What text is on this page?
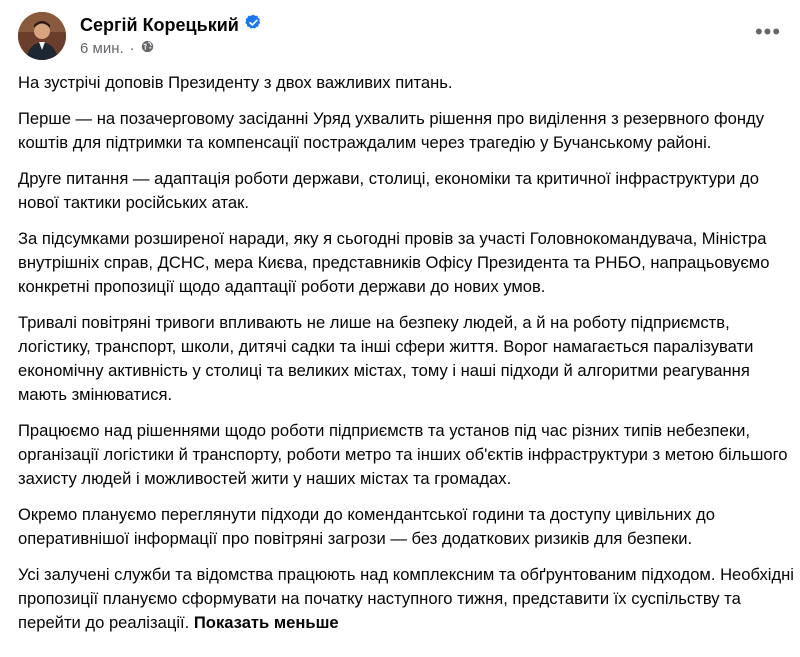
Сергій Корецький
6 мин. ·
•••

На зустрічі доповів Президенту з двох важливих питань.

Перше — на позачерговому засіданні Уряд ухвалить рішення про виділення з резервного фонду коштів для підтримки та компенсації постраждалим через трагедію у Бучанському районі.

Друге питання — адаптація роботи держави, столиці, економіки та критичної інфраструктури до нової тактики російських атак.

За підсумками розширеної наради, яку я сьогодні провів за участі Головнокомандувача, Міністра внутрішніх справ, ДСНС, мера Києва, представників Офісу Президента та РНБО, напрацьовуємо конкретні пропозиції щодо адаптації роботи держави до нових умов.

Тривалі повітряні тривоги впливають не лише на безпеку людей, а й на роботу підприємств, логістику, транспорт, школи, дитячі садки та інші сфери життя. Ворог намагається паралізувати економічну активність у столиці та великих містах, тому і наші підходи й алгоритми реагування мають змінюватися.

Працюємо над рішеннями щодо роботи підприємств та установ під час різних типів небезпеки, організації логістики й транспорту, роботи метро та інших об'єктів інфраструктури з метою більшого захисту людей і можливостей жити у наших містах та громадах.

Окремо плануємо переглянути підходи до комендантської години та доступу цивільних до оперативнішої інформації про повітряні загрози — без додаткових ризиків для безпеки.

Усі залучені служби та відомства працюють над комплексним та обґрунтованим підходом. Необхідні пропозиції плануємо сформувати на початку наступного тижня, представити їх суспільству та перейти до реалізації. Показать меньше
